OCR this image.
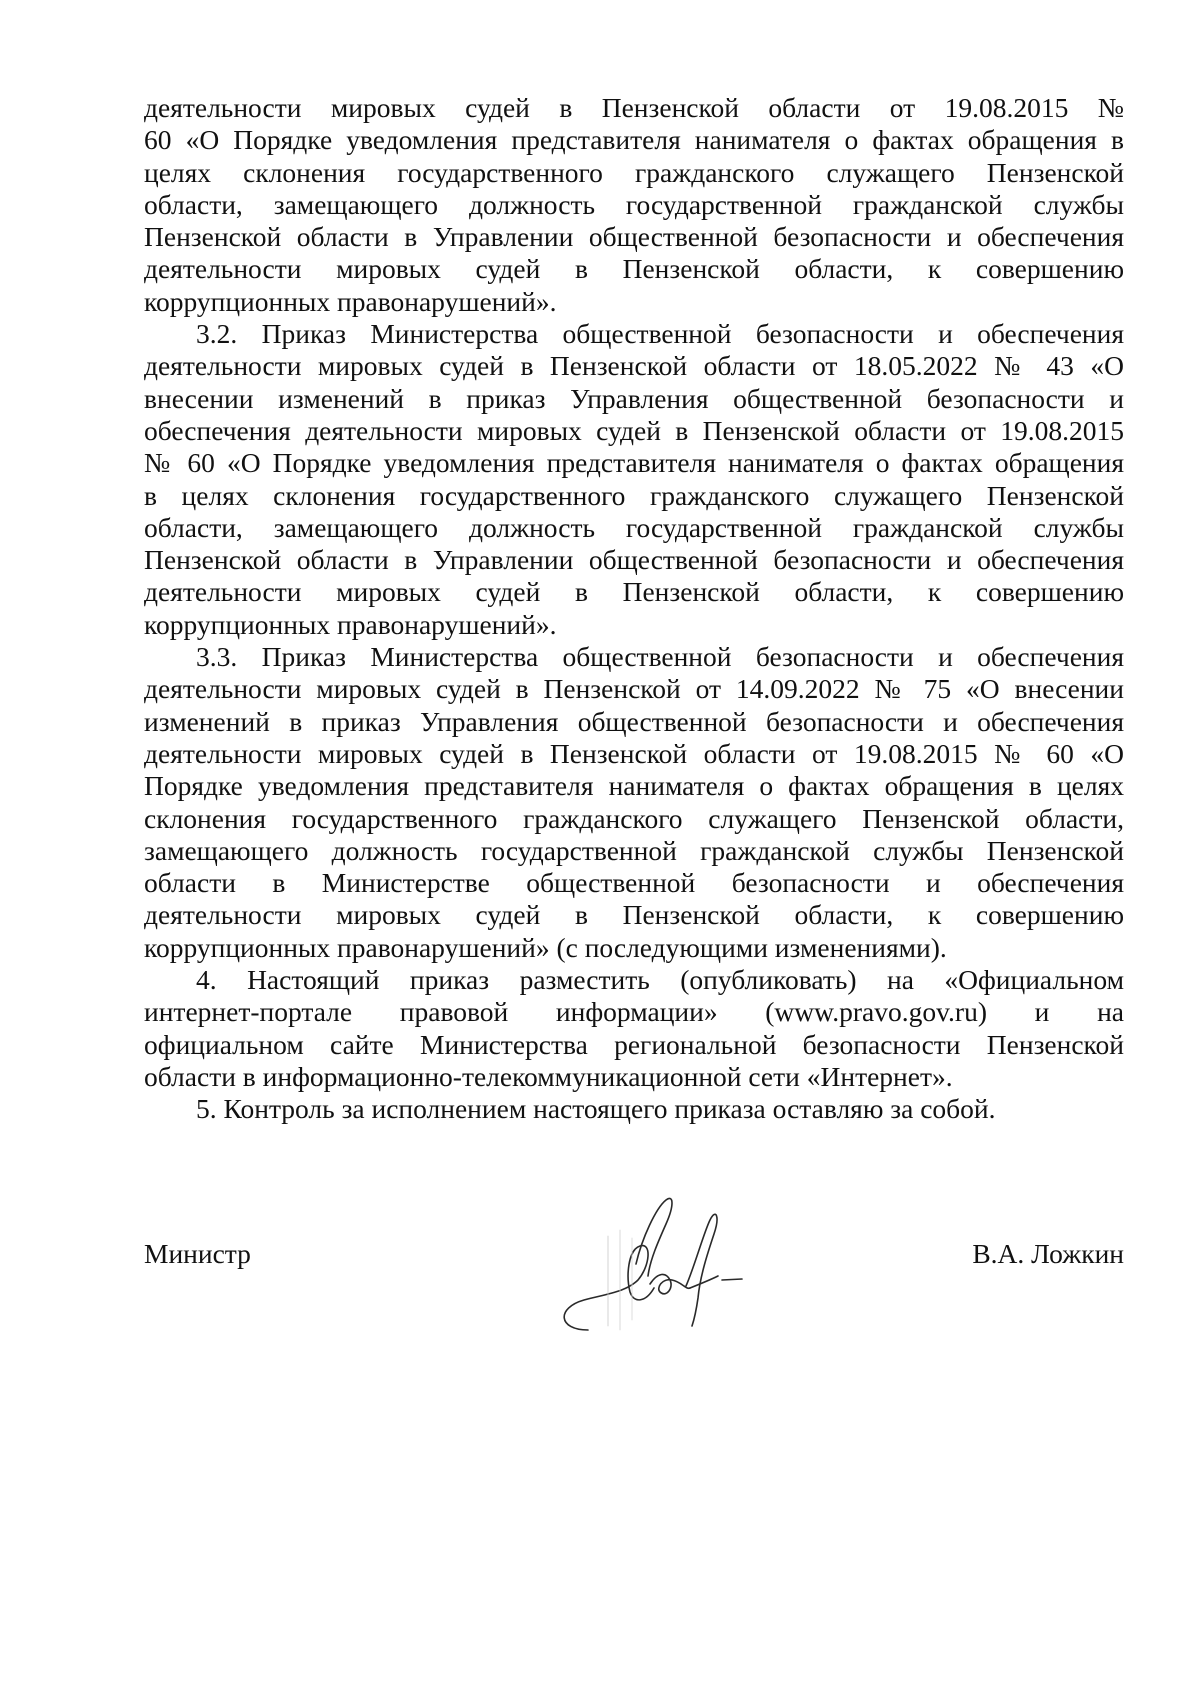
деятельности мировых судей в Пензенской области от 19.08.2015 №
60 «О Порядке уведомления представителя нанимателя о фактах обращения в
целях склонения государственного гражданского служащего Пензенской
области, замещающего должность государственной гражданской службы
Пензенской области в Управлении общественной безопасности и обеспечения
деятельности мировых судей в Пензенской области, к совершению
коррупционных правонарушений».
3.2. Приказ Министерства общественной безопасности и обеспечения
деятельности мировых судей в Пензенской области от 18.05.2022 № 43 «О
внесении изменений в приказ Управления общественной безопасности и
обеспечения деятельности мировых судей в Пензенской области от 19.08.2015
№ 60 «О Порядке уведомления представителя нанимателя о фактах обращения
в целях склонения государственного гражданского служащего Пензенской
области, замещающего должность государственной гражданской службы
Пензенской области в Управлении общественной безопасности и обеспечения
деятельности мировых судей в Пензенской области, к совершению
коррупционных правонарушений».
3.3. Приказ Министерства общественной безопасности и обеспечения
деятельности мировых судей в Пензенской от 14.09.2022 № 75 «О внесении
изменений в приказ Управления общественной безопасности и обеспечения
деятельности мировых судей в Пензенской области от 19.08.2015 № 60 «О
Порядке уведомления представителя нанимателя о фактах обращения в целях
склонения государственного гражданского служащего Пензенской области,
замещающего должность государственной гражданской службы Пензенской
области в Министерстве общественной безопасности и обеспечения
деятельности мировых судей в Пензенской области, к совершению
коррупционных правонарушений» (с последующими изменениями).
4. Настоящий приказ разместить (опубликовать) на «Официальном
интернет-портале правовой информации» (www.pravo.gov.ru) и на
официальном сайте Министерства региональной безопасности Пензенской
области в информационно-телекоммуникационной сети «Интернет».
5. Контроль за исполнением настоящего приказа оставляю за собой.
Министр	В.А. Ложкин
